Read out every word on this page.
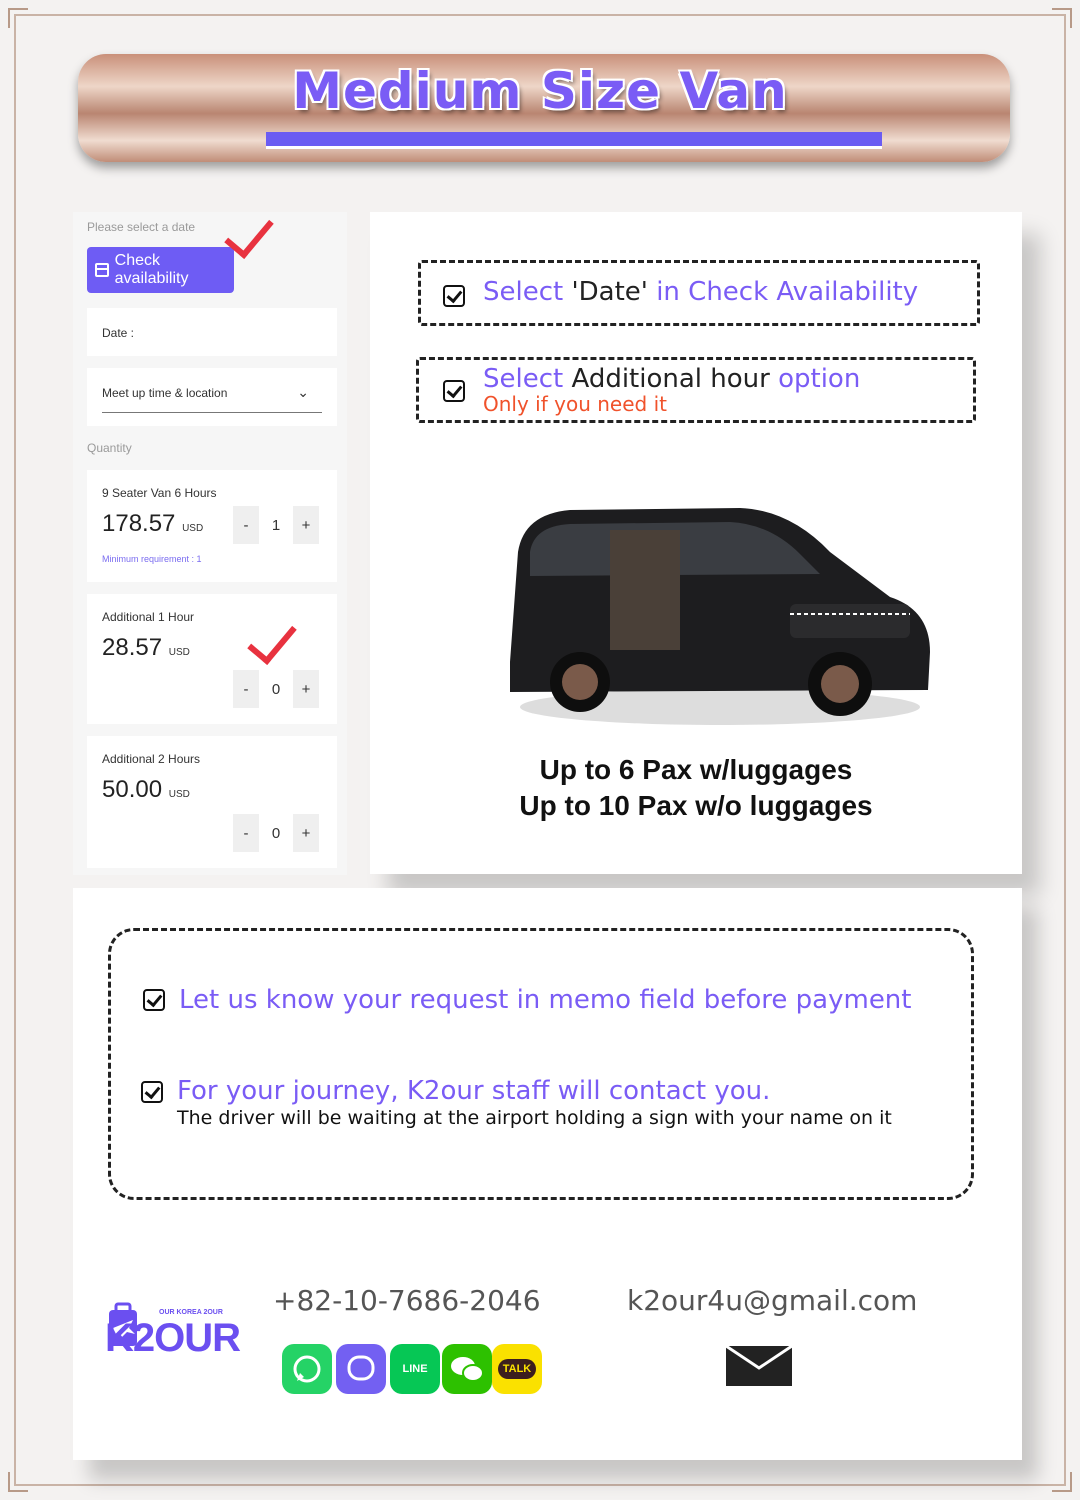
Medium Size Van
Please select a date
Check availability
Date :
Meet up time & location	⌄
Quantity
9 Seater Van 6 Hours
178.57 USD
Minimum requirement : 1
-	1	+
Additional 1 Hour
28.57 USD
-	0	+
Additional 2 Hours
50.00 USD
-	0	+
Select 'Date' in Check Availability
Select Additional hour option
Only if you need it
Up to 6 Pax w/luggages
Up to 10 Pax w/o luggages
Let us know your request in memo field before payment
For your journey, K2our staff will contact you.
The driver will be waiting at the airport holding a sign with your name on it
OUR KOREA 2OUR
K2OUR
+82-10-7686-2046	k2our4u@gmail.com
LINE	TALK
